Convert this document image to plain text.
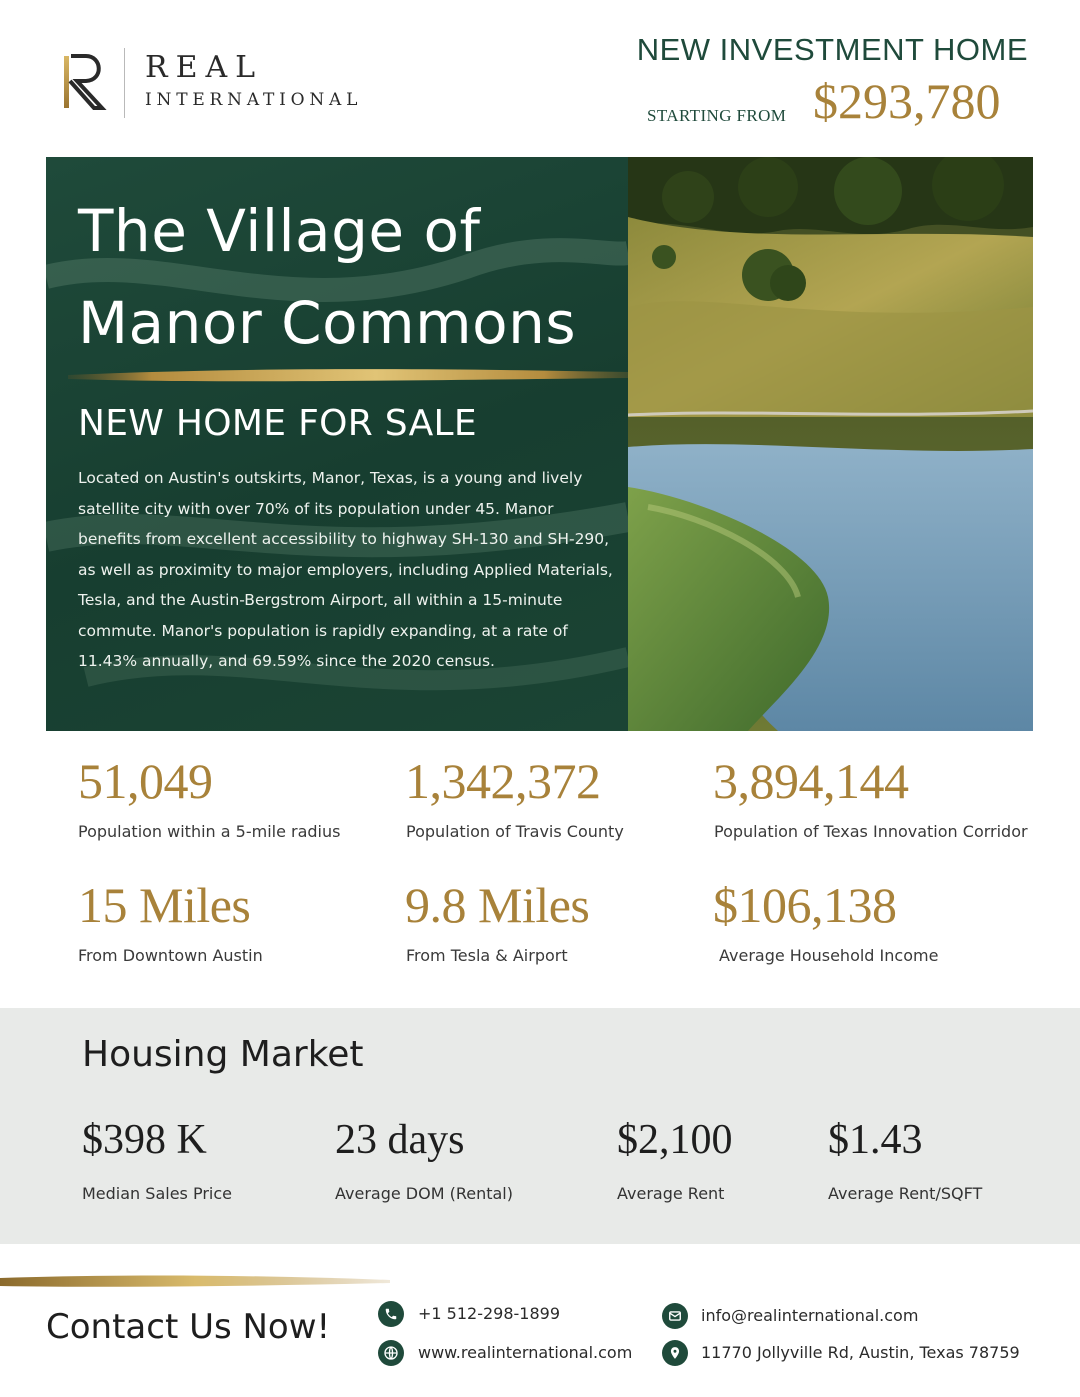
REAL
INTERNATIONAL
NEW INVESTMENT HOME
STARTING FROM $293,780
The Village of
Manor Commons
NEW HOME FOR SALE
Located on Austin's outskirts, Manor, Texas, is a young and lively satellite city with over 70% of its population under 45. Manor benefits from excellent accessibility to highway SH-130 and SH-290, as well as proximity to major employers, including Applied Materials, Tesla, and the Austin-Bergstrom Airport, all within a 15-minute commute. Manor's population is rapidly expanding, at a rate of 11.43% annually, and 69.59% since the 2020 census.
51,049
Population within a 5-mile radius
1,342,372
Population of Travis County
3,894,144
Population of Texas Innovation Corridor
15 Miles
From Downtown Austin
9.8 Miles
From Tesla & Airport
$106,138
Average Household Income
Housing Market
$398 K
Median Sales Price
23 days
Average DOM (Rental)
$2,100
Average Rent
$1.43
Average Rent/SQFT
Contact Us Now!	+1 512-298-1899
www.realinternational.com
info@realinternational.com
11770 Jollyville Rd, Austin, Texas 78759
